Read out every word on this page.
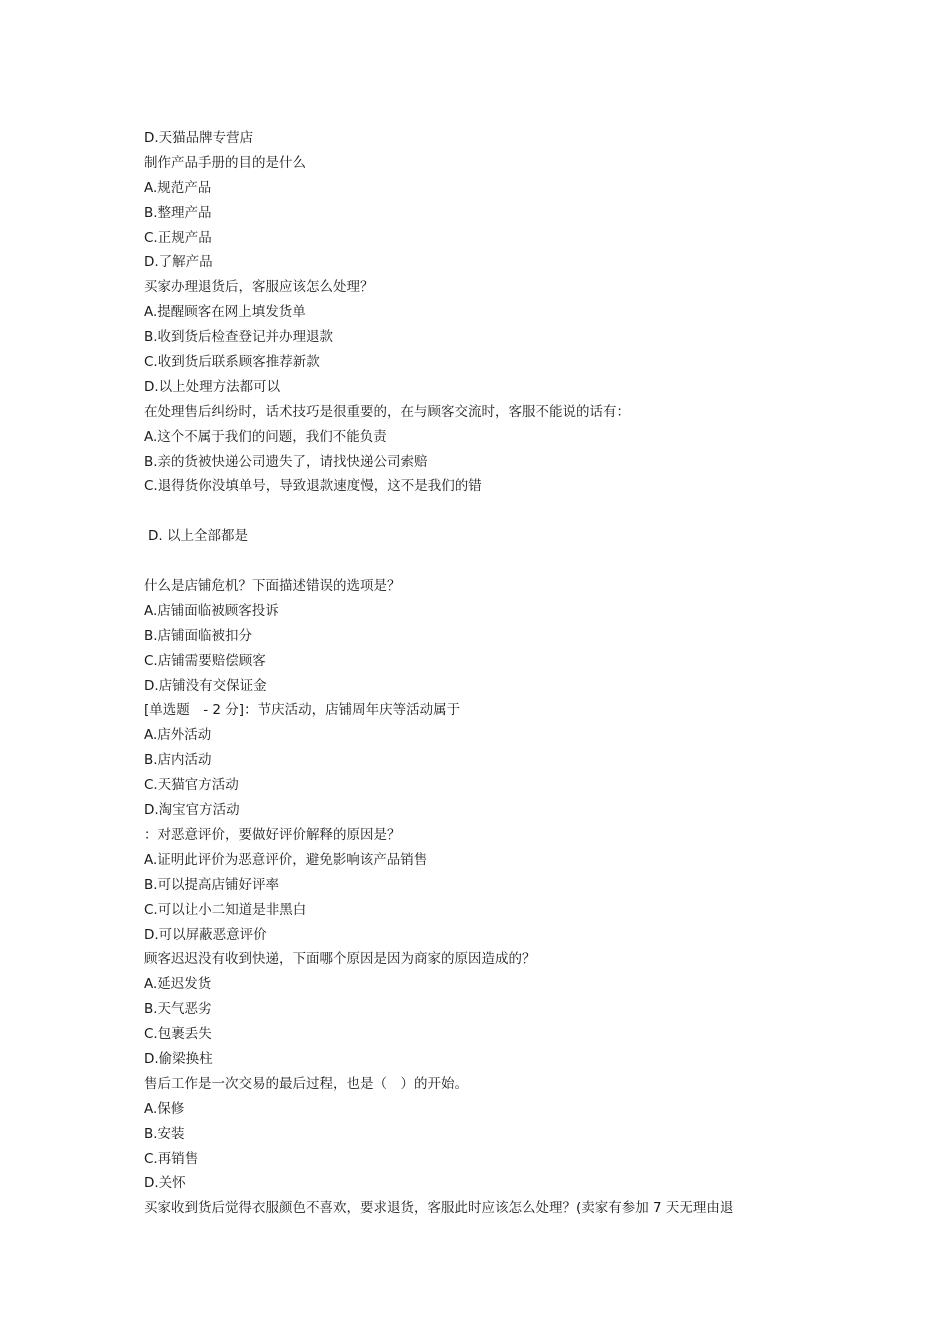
D.天猫品牌专营店
制作产品手册的目的是什么
A.规范产品
B.整理产品
C.正规产品
D.了解产品
买家办理退货后，客服应该怎么处理？
A.提醒顾客在网上填发货单
B.收到货后检查登记并办理退款
C.收到货后联系顾客推荐新款
D.以上处理方法都可以
在处理售后纠纷时，话术技巧是很重要的，在与顾客交流时，客服不能说的话有：
A.这个不属于我们的问题，我们不能负责
B.亲的货被快递公司遗失了，请找快递公司索赔
C.退得货你没填单号，导致退款速度慢，这不是我们的错
D. 以上全部都是
什么是店铺危机？下面描述错误的选项是？
A.店铺面临被顾客投诉
B.店铺面临被扣分
C.店铺需要赔偿顾客
D.店铺没有交保证金
[单选题　- 2 分]：节庆活动，店铺周年庆等活动属于
A.店外活动
B.店内活动
C.天猫官方活动
D.淘宝官方活动
：对恶意评价，要做好评价解释的原因是？
A.证明此评价为恶意评价，避免影响该产品销售
B.可以提高店铺好评率
C.可以让小二知道是非黑白
D.可以屏蔽恶意评价
顾客迟迟没有收到快递，下面哪个原因是因为商家的原因造成的？
A.延迟发货
B.天气恶劣
C.包裹丢失
D.偷梁换柱
售后工作是一次交易的最后过程，也是（　）的开始。
A.保修
B.安装
C.再销售
D.关怀
买家收到货后觉得衣服颜色不喜欢，要求退货，客服此时应该怎么处理？(卖家有参加 7 天无理由退
